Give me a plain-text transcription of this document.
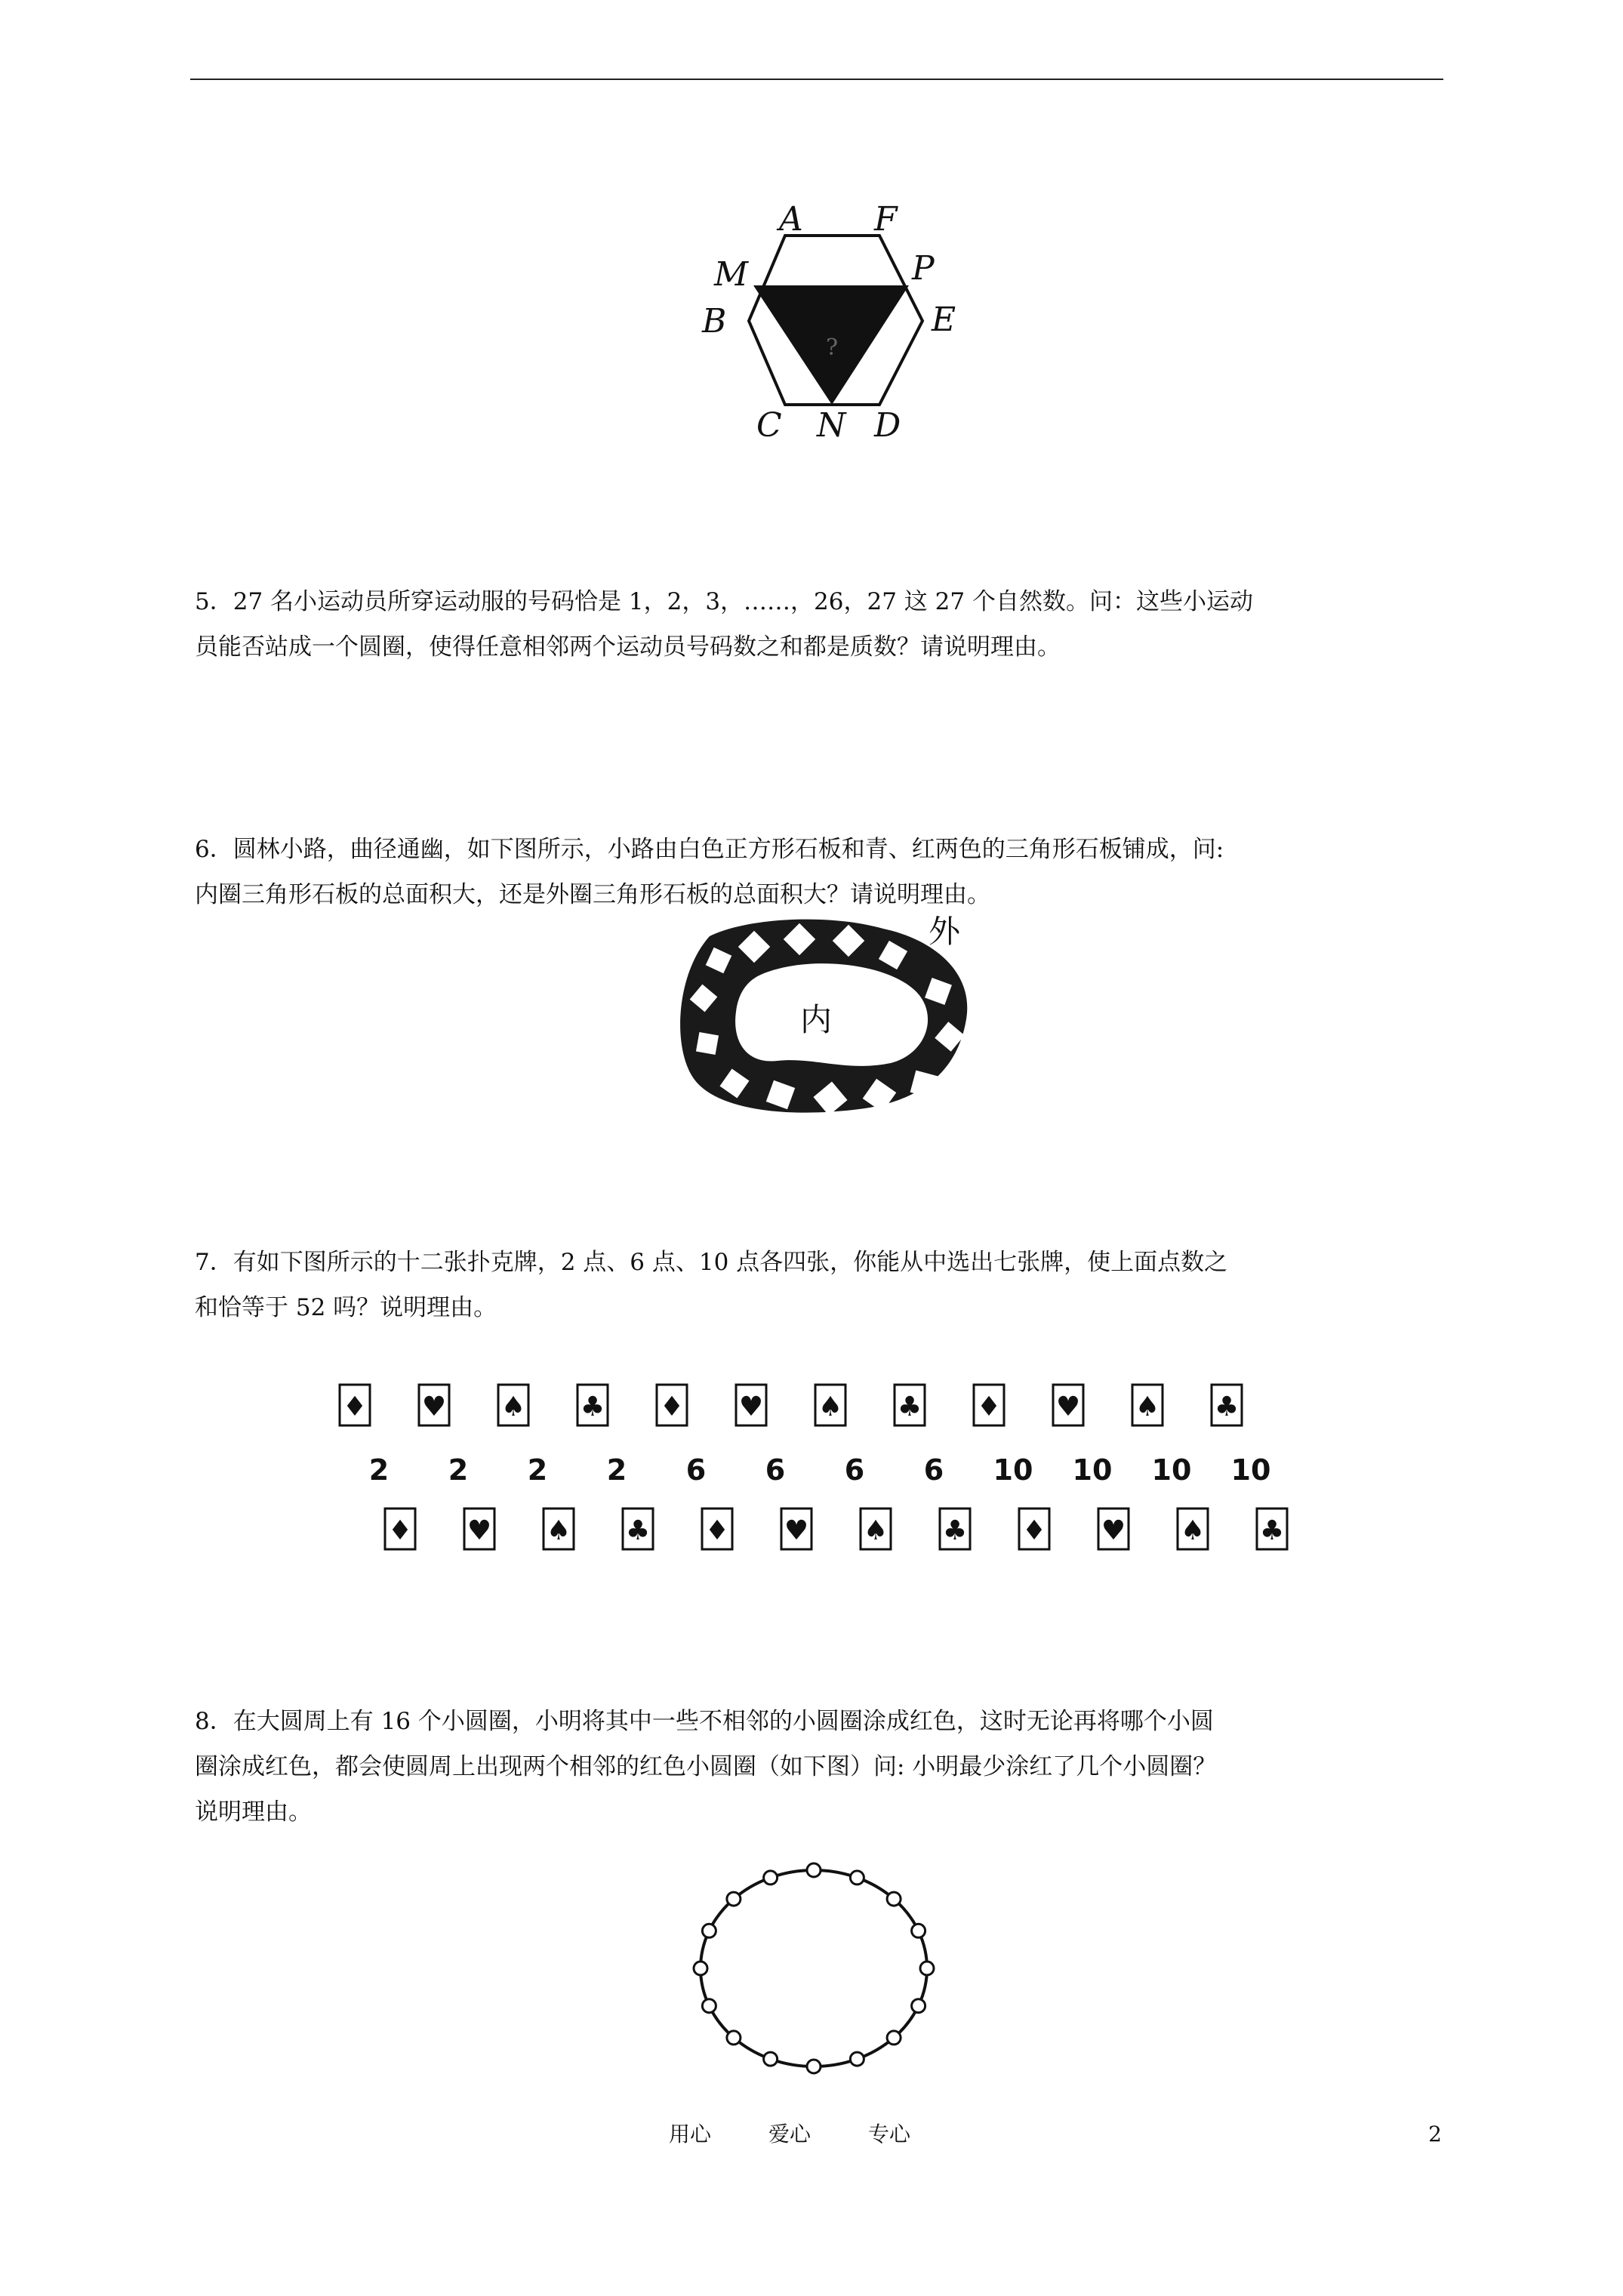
A F
M	P
B	E
C N D
?

5．27 名小运动员所穿运动服的号码恰是 1，2，3，……，26，27 这 27 个自然数。问：这些小运动

员能否站成一个圆圈，使得任意相邻两个运动员号码数之和都是质数？请说明理由。

6．圆林小路，曲径通幽，如下图所示，小路由白色正方形石板和青、红两色的三角形石板铺成，问:

内圈三角形石板的总面积大，还是外圈三角形石板的总面积大？请说明理由。

外
内

7．有如下图所示的十二张扑克牌，2 点、6 点、10 点各四张，你能从中选出七张牌，使上面点数之

和恰等于 52 吗？说明理由。

♦ ♥ ♠ ♣ ♦ ♥ ♠ ♣ ♦ ♥ ♠ ♣
2 2 2 2 6 6 6 6 10 10 10 10
♦ ♥ ♠ ♣ ♦ ♥ ♠ ♣ ♦ ♥ ♠ ♣

8．在大圆周上有 16 个小圆圈，小明将其中一些不相邻的小圆圈涂成红色，这时无论再将哪个小圆

圈涂成红色，都会使圆周上出现两个相邻的红色小圆圈（如下图）问: 小明最少涂红了几个小圆圈？

说明理由。

用心	爱心	专心	2
